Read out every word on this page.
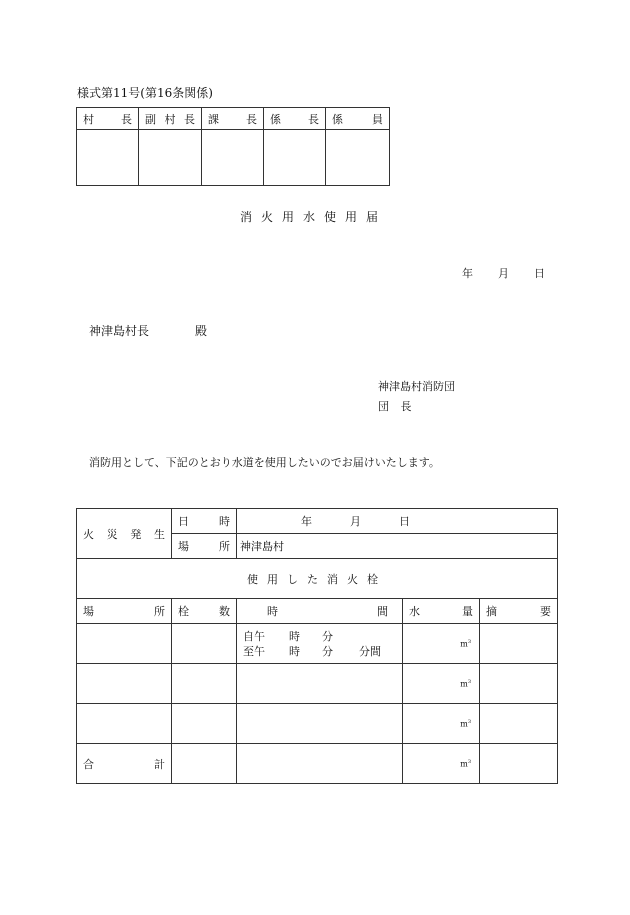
様式第11号(第16条関係)
村 長	副 村 長	課 長	係 長	係 員

消火用水使用届
年 月 日
神津島村長	殿
神津島村消防団
団 長
消防用として、下記のとおり水道を使用したいのでお届けいたします。
火 災 発 生	日 時	年 月 日		

	場 所	神津島村		
使用した消火栓				

場 所	栓 数	時 間	水 量	摘 要

		自午 時 分
至午 時 分 分間	$m^3$

			$m^3$

			$m^3$

合 計			$m^3$
